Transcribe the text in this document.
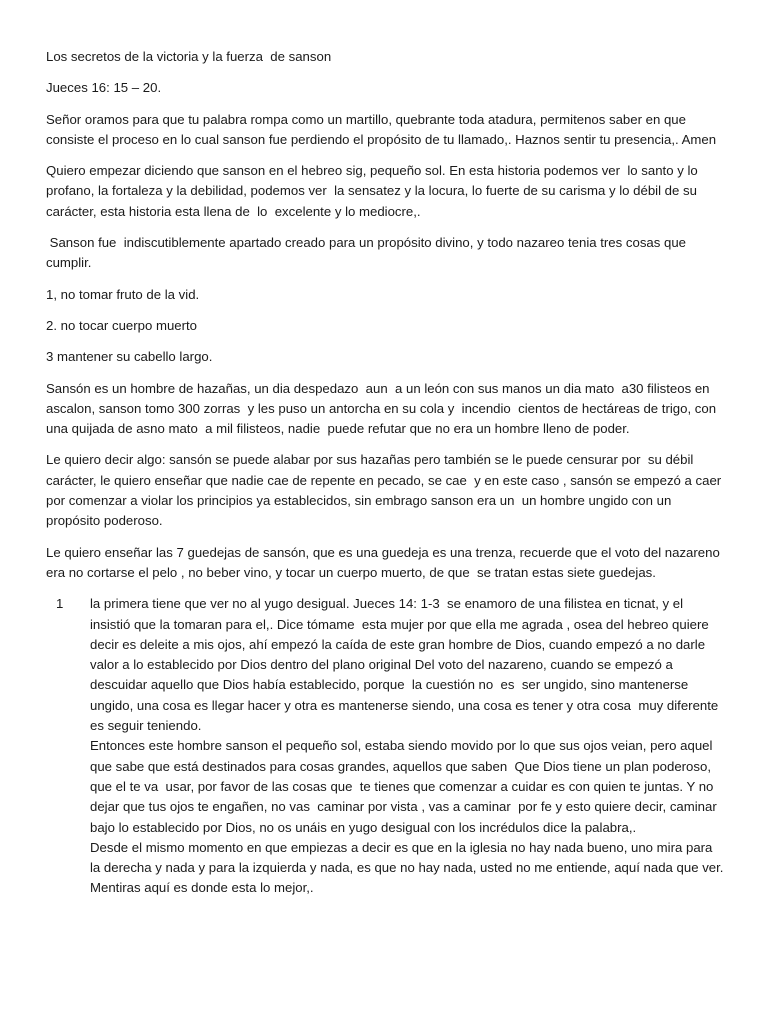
Los secretos de la victoria y la fuerza  de sanson

Jueces 16: 15 – 20.

Señor oramos para que tu palabra rompa como un martillo, quebrante toda atadura, permitenos saber en que consiste el proceso en lo cual sanson fue perdiendo el propósito de tu llamado,. Haznos sentir tu presencia,. Amen

Quiero empezar diciendo que sanson en el hebreo sig, pequeño sol. En esta historia podemos ver  lo santo y lo profano, la fortaleza y la debilidad, podemos ver  la sensatez y la locura, lo fuerte de su carisma y lo débil de su carácter, esta historia esta llena de  lo  excelente y lo mediocre,.

Sanson fue  indiscutiblemente apartado creado para un propósito divino, y todo nazareo tenia tres cosas que cumplir.

1, no tomar fruto de la vid.

2. no tocar cuerpo muerto

3 mantener su cabello largo.

Sansón es un hombre de hazañas, un dia despedazo  aun  a un león con sus manos un dia mato  a30 filisteos en ascalon, sanson tomo 300 zorras  y les puso un antorcha en su cola y  incendio  cientos de hectáreas de trigo, con una quijada de asno mato  a mil filisteos, nadie  puede refutar que no era un hombre lleno de poder.

Le quiero decir algo: sansón se puede alabar por sus hazañas pero también se le puede censurar por  su débil carácter, le quiero enseñar que nadie cae de repente en pecado, se cae  y en este caso , sansón se empezó a caer por comenzar a violar los principios ya establecidos, sin embrago sanson era un  un hombre ungido con un propósito poderoso.

Le quiero enseñar las 7 guedejas de sansón, que es una guedeja es una trenza, recuerde que el voto del nazareno era no cortarse el pelo , no beber vino, y tocar un cuerpo muerto, de que  se tratan estas siete guedejas.

1 la primera tiene que ver no al yugo desigual. Jueces 14: 1-3  se enamoro de una filistea en ticnat, y el insistió que la tomaran para el,. Dice tómame  esta mujer por que ella me agrada , osea del hebreo quiere decir es deleite a mis ojos, ahí empezó la caída de este gran hombre de Dios, cuando empezó a no darle  valor a lo establecido por Dios dentro del plano original Del voto del nazareno, cuando se empezó a descuidar aquello que Dios había establecido, porque  la cuestión no  es  ser ungido, sino mantenerse ungido, una cosa es llegar hacer y otra es mantenerse siendo, una cosa es tener y otra cosa  muy diferente es seguir teniendo.
Entonces este hombre sanson el pequeño sol, estaba siendo movido por lo que sus ojos veian, pero aquel que sabe que está destinados para cosas grandes, aquellos que saben  Que Dios tiene un plan poderoso, que el te va  usar, por favor de las cosas que  te tienes que comenzar a cuidar es con quien te juntas. Y no dejar que tus ojos te engañen, no vas  caminar por vista , vas a caminar  por fe y esto quiere decir, caminar bajo lo establecido por Dios, no os unáis en yugo desigual con los incrédulos dice la palabra,.
Desde el mismo momento en que empiezas a decir es que en la iglesia no hay nada bueno, uno mira para la derecha y nada y para la izquierda y nada, es que no hay nada, usted no me entiende, aquí nada que ver. Mentiras aquí es donde esta lo mejor,.
